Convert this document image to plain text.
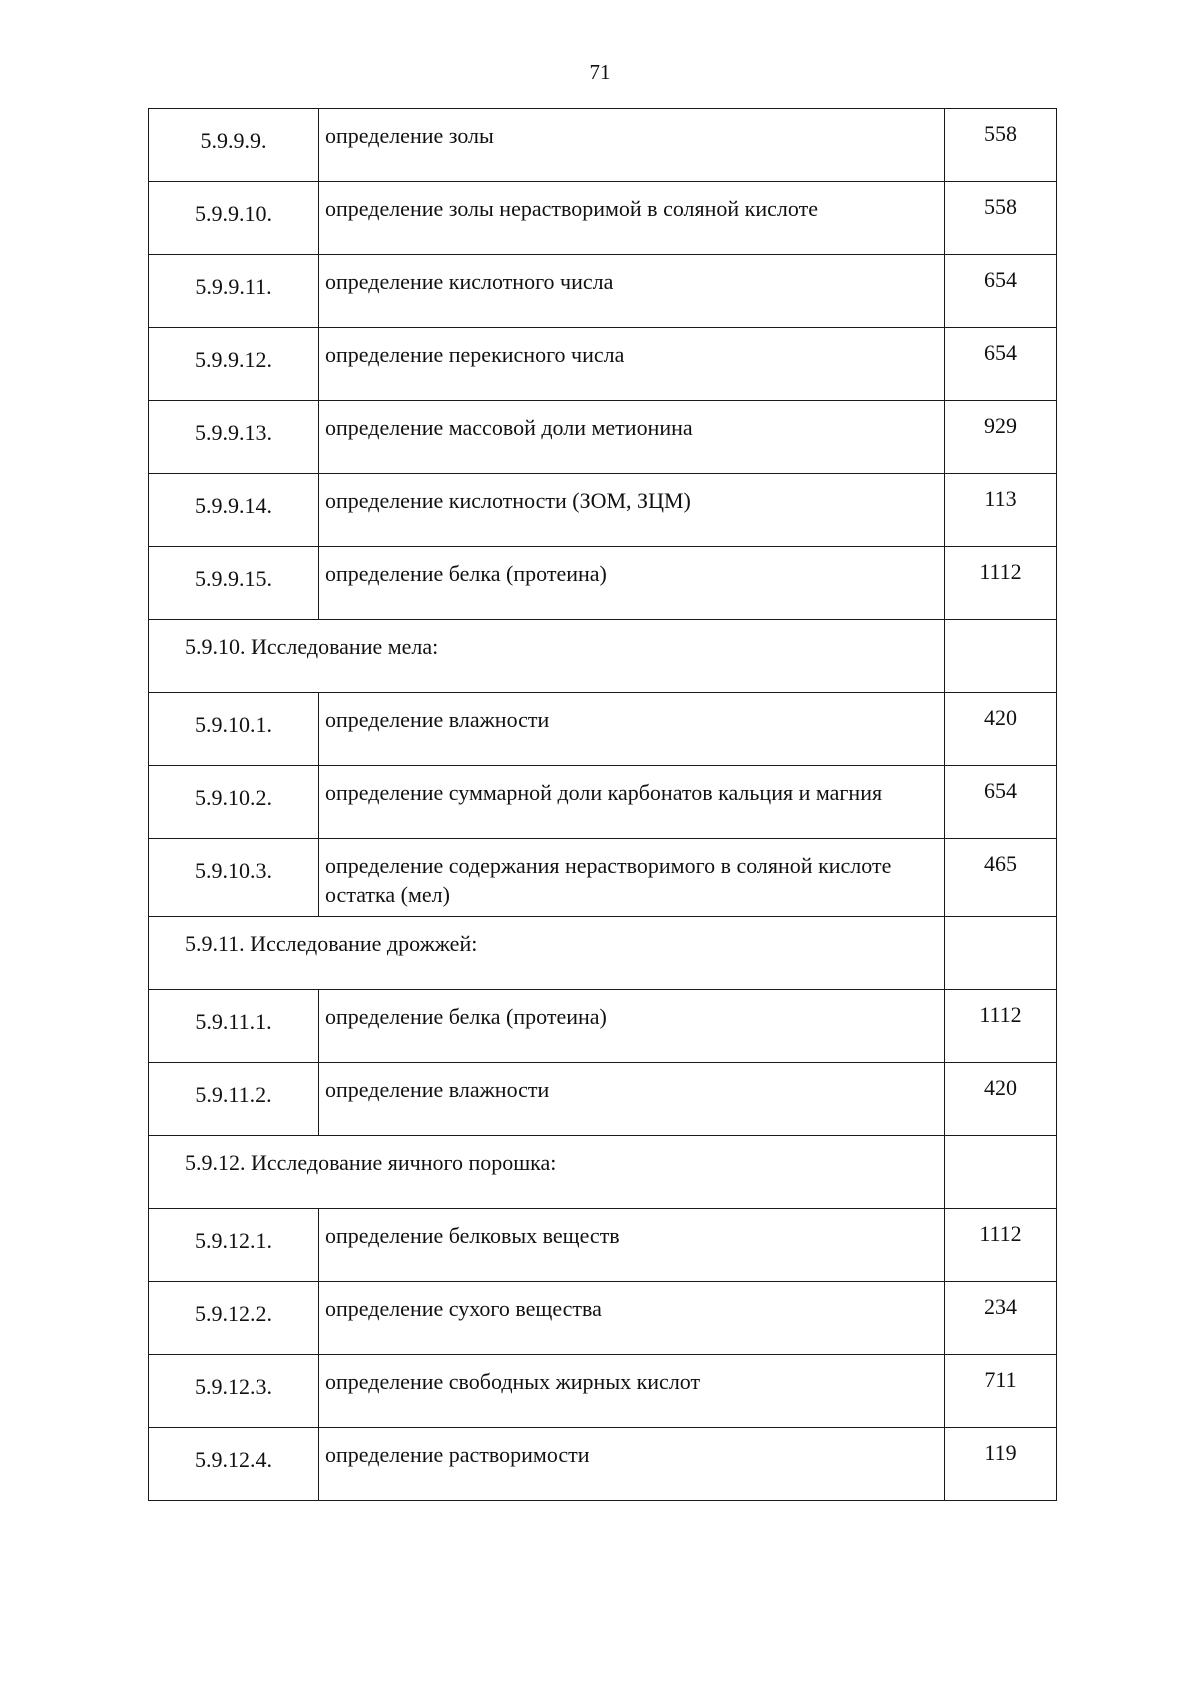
71
5.9.9.9.	определение золы	558
5.9.9.10.	определение золы нерастворимой в соляной кислоте	558
5.9.9.11.	определение кислотного числа	654
5.9.9.12.	определение перекисного числа	654
5.9.9.13.	определение массовой доли метионина	929
5.9.9.14.	определение кислотности (ЗОМ, ЗЦМ)	113
5.9.9.15.	определение белка (протеина)	1112
5.9.10. Исследование мела:		
5.9.10.1.	определение влажности	420
5.9.10.2.	определение суммарной доли карбонатов кальция и магния	654
5.9.10.3.	определение содержания нерастворимого в соляной кислоте остатка (мел)	465
5.9.11. Исследование дрожжей:		
5.9.11.1.	определение белка (протеина)	1112
5.9.11.2.	определение влажности	420
5.9.12. Исследование яичного порошка:		
5.9.12.1.	определение белковых веществ	1112
5.9.12.2.	определение сухого вещества	234
5.9.12.3.	определение свободных жирных кислот	711
5.9.12.4.	определение растворимости	119
